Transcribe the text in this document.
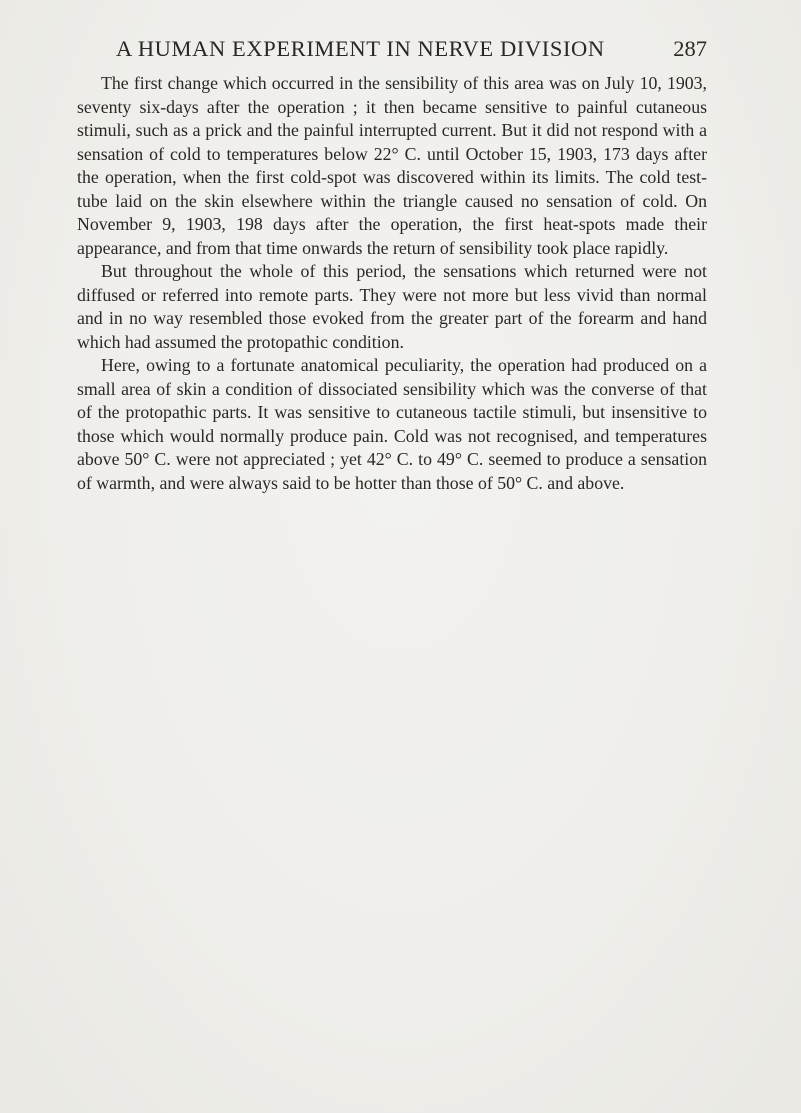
A HUMAN EXPERIMENT IN NERVE DIVISION	287

The first change which occurred in the sensibility of this area was on July 10, 1903, seventy six-days after the operation ; it then became sensitive to painful cutaneous stimuli, such as a prick and the painful interrupted current. But it did not respond with a sensation of cold to temperatures below 22° C. until October 15, 1903, 173 days after the operation, when the first cold-spot was discovered within its limits. The cold test-tube laid on the skin elsewhere within the triangle caused no sensation of cold. On November 9, 1903, 198 days after the operation, the first heat-spots made their appearance, and from that time onwards the return of sensibility took place rapidly.

But throughout the whole of this period, the sensations which returned were not diffused or referred into remote parts. They were not more but less vivid than normal and in no way resembled those evoked from the greater part of the forearm and hand which had assumed the protopathic condition.

Here, owing to a fortunate anatomical peculiarity, the operation had produced on a small area of skin a condition of dissociated sensibility which was the converse of that of the protopathic parts. It was sensitive to cutaneous tactile stimuli, but insensitive to those which would normally produce pain. Cold was not recognised, and temperatures above 50° C. were not appreciated ; yet 42° C. to 49° C. seemed to produce a sensation of warmth, and were always said to be hotter than those of 50° C. and above.
